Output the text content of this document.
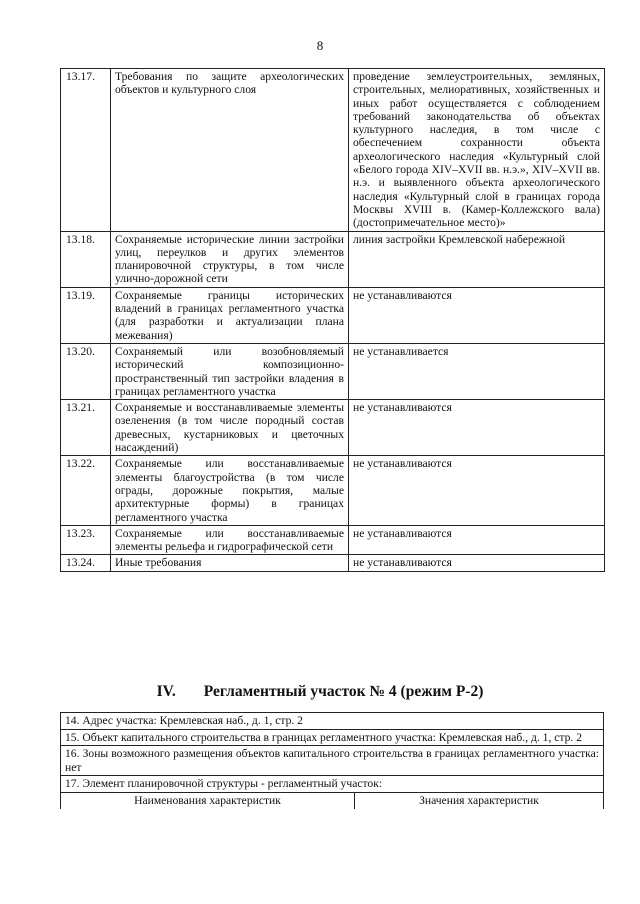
8
13.17.	Требования по защите археологических объектов и культурного слоя	проведение землеустроительных, земляных, строительных, мелиоративных, хозяйственных и иных работ осуществляется с соблюдением требований законодательства об объектах культурного наследия, в том числе с обеспечением сохранности объекта археологического наследия «Культурный слой «Белого города XIV–XVII вв. н.э.», XIV–XVII вв. н.э. и выявленного объекта археологического наследия «Культурный слой в границах города Москвы XVIII в. (Камер-Коллежского вала) (достопримечательное место)»
13.18.	Сохраняемые исторические линии застройки улиц, переулков и других элементов планировочной структуры, в том числе улично-дорожной сети	линия застройки Кремлевской набережной
13.19.	Сохраняемые границы исторических владений в границах регламентного участка (для разработки и актуализации плана межевания)	не устанавливаются
13.20.	Сохраняемый или возобновляемый исторический композиционно-пространственный тип застройки владения в границах регламентного участка	не устанавливается
13.21.	Сохраняемые и восстанавливаемые элементы озеленения (в том числе породный состав древесных, кустарниковых и цветочных насаждений)	не устанавливаются
13.22.	Сохраняемые или восстанавливаемые элементы благоустройства (в том числе ограды, дорожные покрытия, малые архитектурные формы) в границах регламентного участка	не устанавливаются
13.23.	Сохраняемые или восстанавливаемые элементы рельефа и гидрографической сети	не устанавливаются
13.24.	Иные требования	не устанавливаются
IV. Регламентный участок № 4 (режим Р-2)
14. Адрес участка: Кремлевская наб., д. 1, стр. 2
15. Объект капитального строительства в границах регламентного участка: Кремлевская наб., д. 1, стр. 2
16. Зоны возможного размещения объектов капитального строительства в границах регламентного участка: нет
17. Элемент планировочной структуры - регламентный участок:
Наименования характеристик	Значения характеристик
